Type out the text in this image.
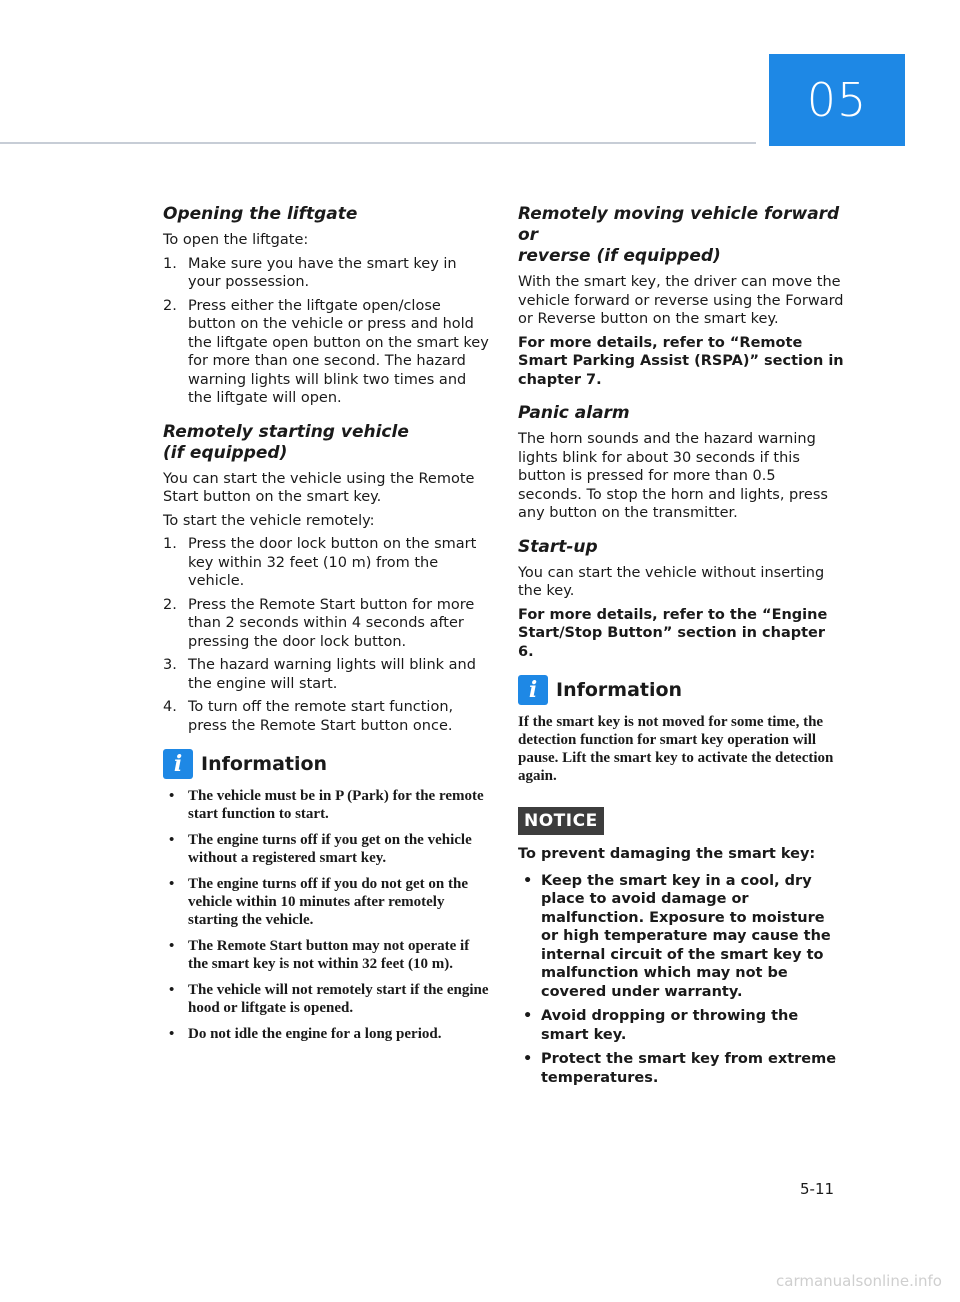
05
Opening the liftgate

To open the liftgate:

1. Make sure you have the smart key in your possession.
2. Press either the liftgate open/close button on the vehicle or press and hold the liftgate open button on the smart key for more than one second. The hazard warning lights will blink two times and the liftgate will open.
Remotely starting vehicle
(if equipped)

You can start the vehicle using the Remote Start button on the smart key.

To start the vehicle remotely:

1. Press the door lock button on the smart key within 32 feet (10 m) from the vehicle.
2. Press the Remote Start button for more than 2 seconds within 4 seconds after pressing the door lock button.
3. The hazard warning lights will blink and the engine will start.
4. To turn off the remote start function, press the Remote Start button once.
i Information
• The vehicle must be in P (Park) for the remote start function to start.
• The engine turns off if you get on the vehicle without a registered smart key.
• The engine turns off if you do not get on the vehicle within 10 minutes after remotely starting the vehicle.
• The Remote Start button may not operate if the smart key is not within 32 feet (10 m).
• The vehicle will not remotely start if the engine hood or liftgate is opened.
• Do not idle the engine for a long period.
Remotely moving vehicle forward or
reverse (if equipped)

With the smart key, the driver can move the vehicle forward or reverse using the Forward or Reverse button on the smart key.

For more details, refer to “Remote Smart Parking Assist (RSPA)” section in chapter 7.

Panic alarm

The horn sounds and the hazard warning lights blink for about 30 seconds if this button is pressed for more than 0.5 seconds. To stop the horn and lights, press any button on the transmitter.

Start-up

You can start the vehicle without inserting the key.

For more details, refer to the “Engine Start/Stop Button” section in chapter 6.

i Information

If the smart key is not moved for some time, the detection function for smart key operation will pause. Lift the smart key to activate the detection again.

NOTICE

To prevent damaging the smart key:

• Keep the smart key in a cool, dry place to avoid damage or malfunction. Exposure to moisture or high temperature may cause the internal circuit of the smart key to malfunction which may not be covered under warranty.
• Avoid dropping or throwing the smart key.
• Protect the smart key from extreme temperatures.
5-11
carmanualsonline.info
